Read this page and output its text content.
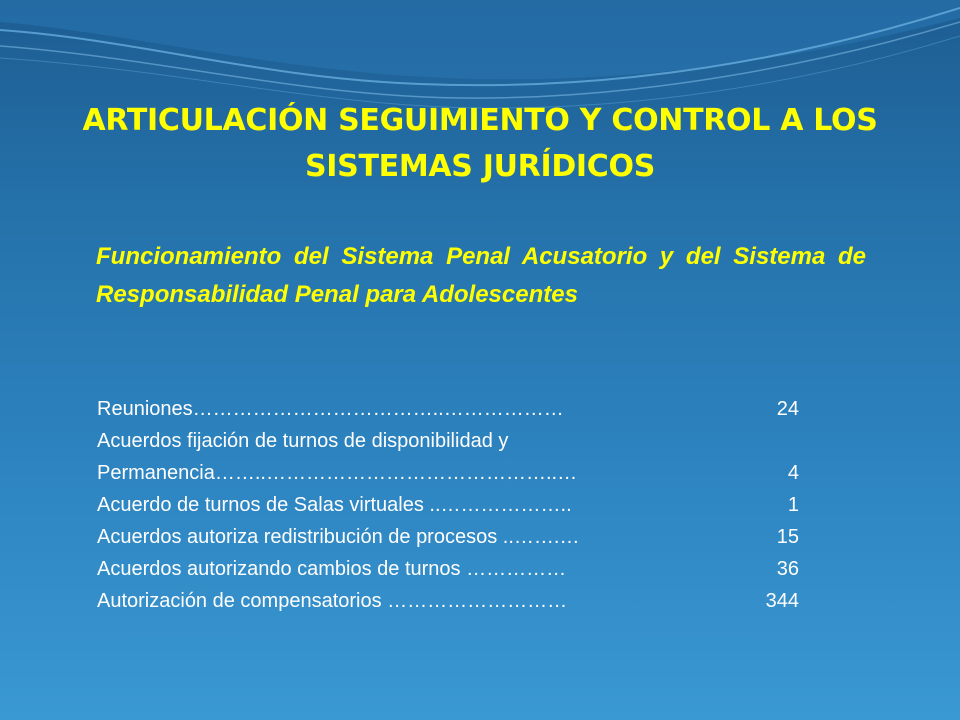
ARTICULACIÓN SEGUIMIENTO Y CONTROL A LOS
SISTEMAS JURÍDICOS
Funcionamiento del Sistema Penal Acusatorio y del Sistema de Responsabilidad Penal para Adolescentes
Reuniones………………………………..………………	24
Acuerdos fijación de turnos de disponibilidad y
Permanencia……..……………………………………..…	4
Acuerdo de turnos de Salas virtuales ..………………..	1
Acuerdos autoriza redistribución de procesos ..…….…	15
Acuerdos autorizando cambios de turnos ……………	36
Autorización de compensatorios ………………………	344
